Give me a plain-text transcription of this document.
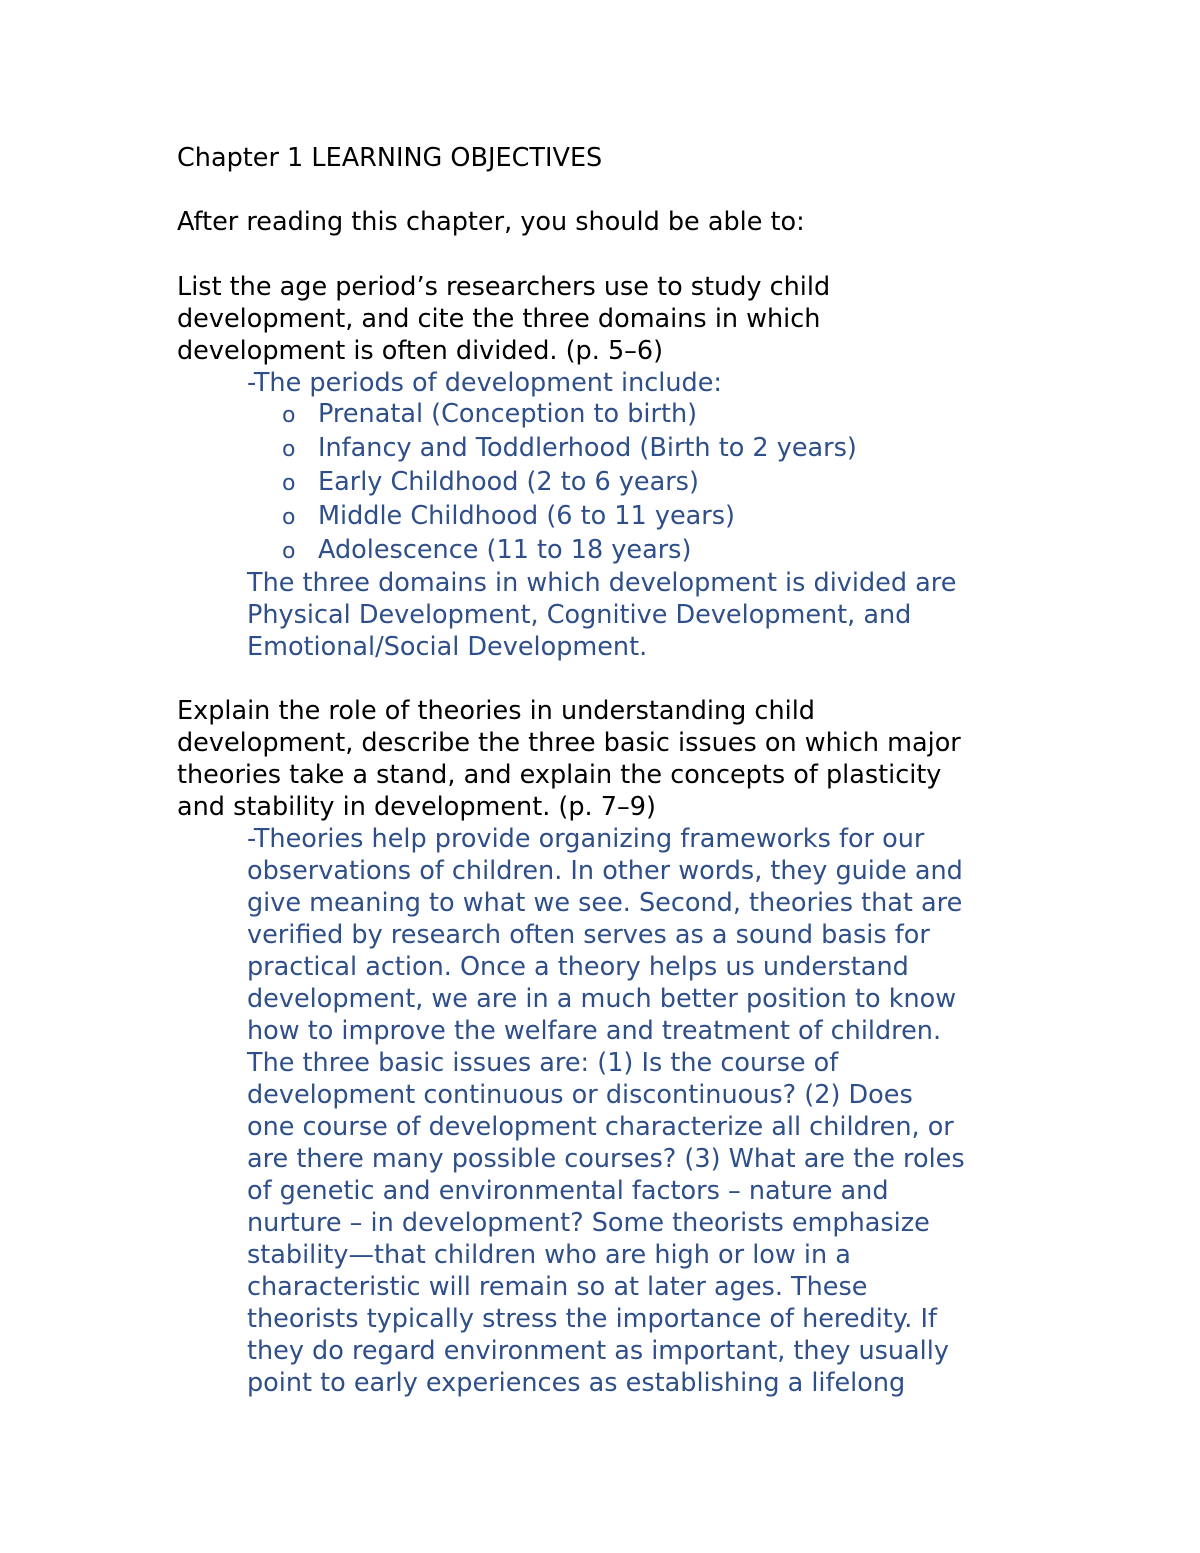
Chapter 1 LEARNING OBJECTIVES
After reading this chapter, you should be able to:
List the age period’s researchers use to study child
development, and cite the three domains in which
development is often divided. (p. 5–6)
-The periods of development include:
o Prenatal (Conception to birth)
o Infancy and Toddlerhood (Birth to 2 years)
o Early Childhood (2 to 6 years)
o Middle Childhood (6 to 11 years)
o Adolescence (11 to 18 years)
The three domains in which development is divided are
Physical Development, Cognitive Development, and
Emotional/Social Development.
Explain the role of theories in understanding child
development, describe the three basic issues on which major
theories take a stand, and explain the concepts of plasticity
and stability in development. (p. 7–9)
-Theories help provide organizing frameworks for our
observations of children. In other words, they guide and
give meaning to what we see. Second, theories that are
verified by research often serves as a sound basis for
practical action. Once a theory helps us understand
development, we are in a much better position to know
how to improve the welfare and treatment of children.
The three basic issues are: (1) Is the course of
development continuous or discontinuous? (2) Does
one course of development characterize all children, or
are there many possible courses? (3) What are the roles
of genetic and environmental factors – nature and
nurture – in development? Some theorists emphasize
stability—that children who are high or low in a
characteristic will remain so at later ages. These
theorists typically stress the importance of heredity. If
they do regard environment as important, they usually
point to early experiences as establishing a lifelong
